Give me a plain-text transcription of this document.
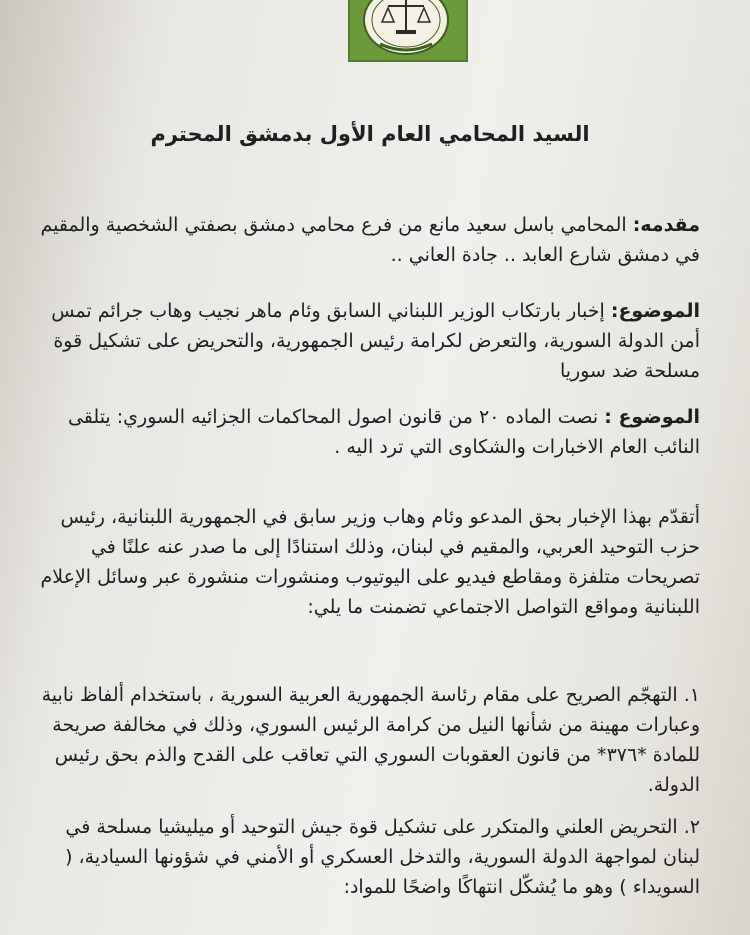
السيد المحامي العام الأول بدمشق المحترم
مقدمه: المحامي باسل سعيد مانع من فرع محامي دمشق بصفتي الشخصية والمقيم في دمشق شارع العابد .. جادة العاني ..
الموضوع: إخبار بارتكاب الوزير اللبناني السابق وئام ماهر نجيب وهاب جرائم تمس أمن الدولة السورية، والتعرض لكرامة رئيس الجمهورية، والتحريض على تشكيل قوة مسلحة ضد سوريا
الموضوع : نصت الماده ٢٠ من قانون اصول المحاكمات الجزائيه السوري: يتلقى النائب العام الاخبارات والشكاوى التي ترد اليه .
أتقدّم بهذا الإخبار بحق المدعو وئام وهاب وزير سابق في الجمهورية اللبنانية، رئيس حزب التوحيد العربي، والمقيم في لبنان، وذلك استنادًا إلى ما صدر عنه علنًا في تصريحات متلفزة ومقاطع فيديو على اليوتيوب ومنشورات منشورة عبر وسائل الإعلام اللبنانية ومواقع التواصل الاجتماعي تضمنت ما يلي:
١. التهجّم الصريح على مقام رئاسة الجمهورية العربية السورية ، باستخدام ألفاظ نابية وعبارات مهينة من شأنها النيل من كرامة الرئيس السوري، وذلك في مخالفة صريحة للمادة *٣٧٦* من قانون العقوبات السوري التي تعاقب على القدح والذم بحق رئيس الدولة.
٢. التحريض العلني والمتكرر على تشكيل قوة جيش التوحيد أو ميليشيا مسلحة في لبنان لمواجهة الدولة السورية، والتدخل العسكري أو الأمني في شؤونها السيادية، ( السويداء ) وهو ما يُشكّل انتهاكًا واضحًا للمواد:
